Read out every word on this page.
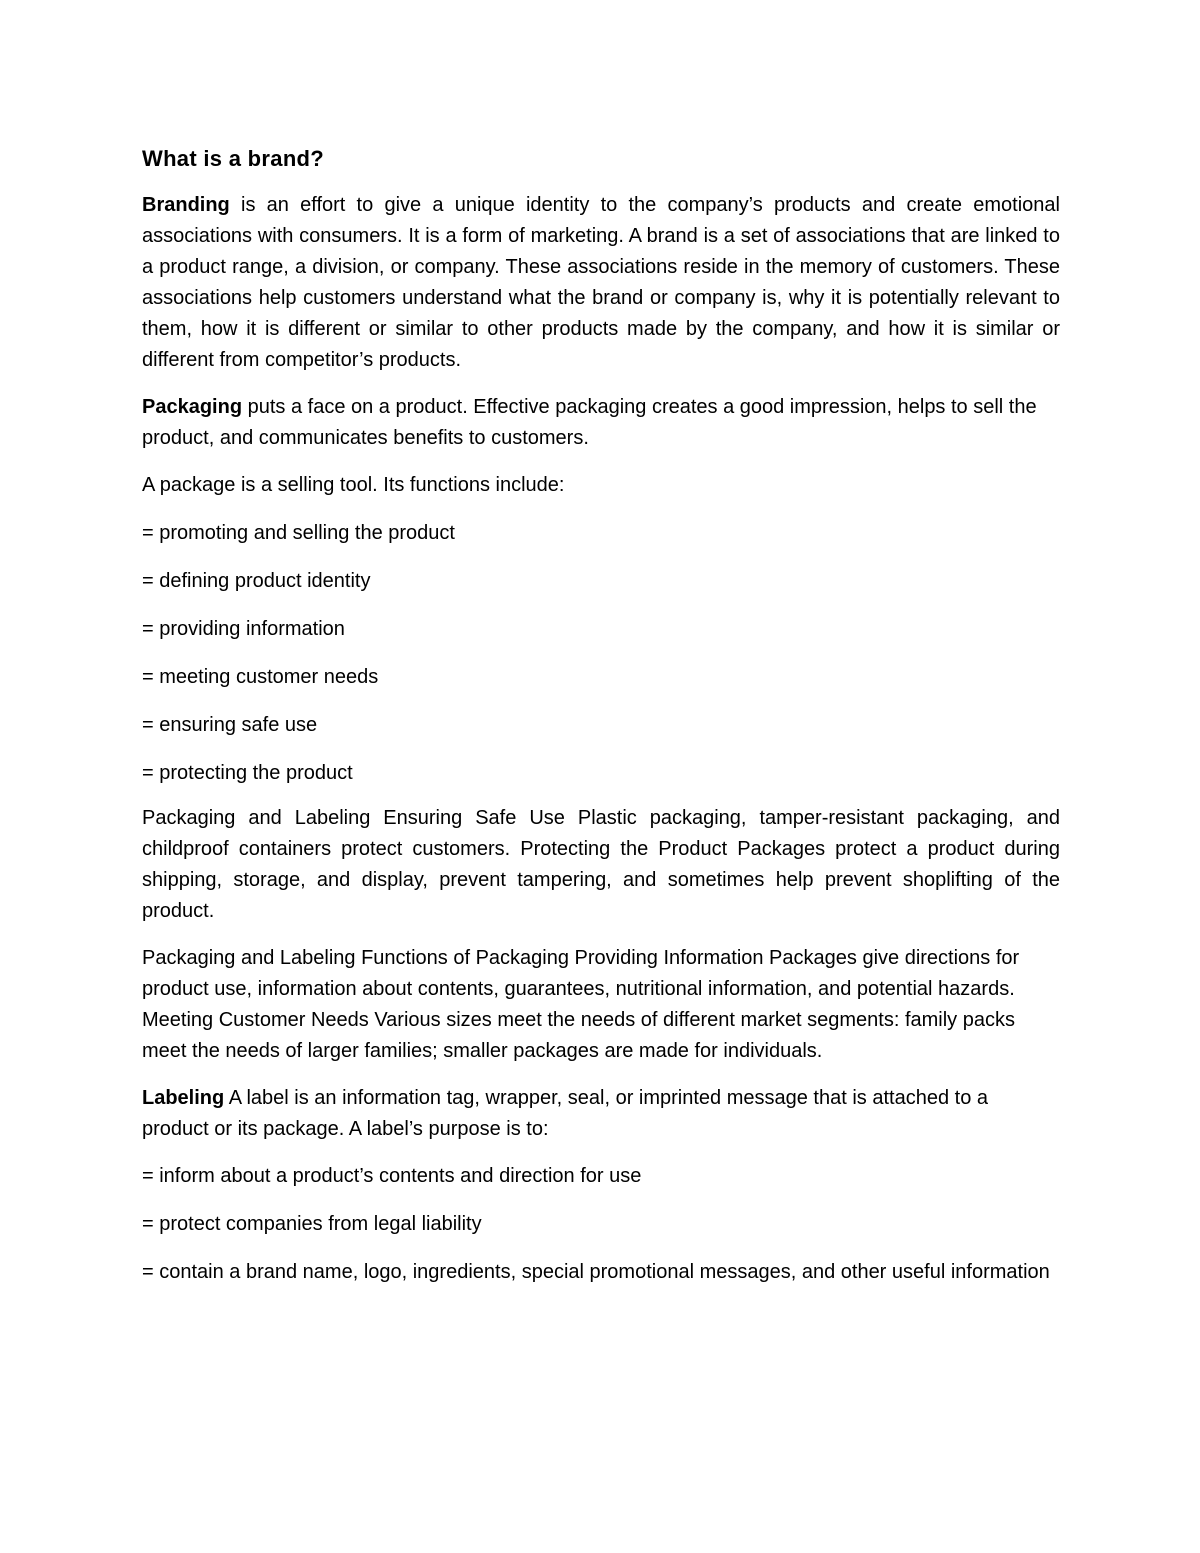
What is a brand?

Branding is an effort to give a unique identity to the company’s products and create emotional associations with consumers. It is a form of marketing. A brand is a set of associations that are linked to a product range, a division, or company. These associations reside in the memory of customers. These associations help customers understand what the brand or company is, why it is potentially relevant to them, how it is different or similar to other products made by the company, and how it is similar or different from competitor’s products.

Packaging puts a face on a product. Effective packaging creates a good impression, helps to sell the product, and communicates benefits to customers.

A package is a selling tool. Its functions include:

= promoting and selling the product

= defining product identity

= providing information

= meeting customer needs

= ensuring safe use

= protecting the product

Packaging and Labeling Ensuring Safe Use Plastic packaging, tamper-resistant packaging, and childproof containers protect customers. Protecting the Product Packages protect a product during shipping, storage, and display, prevent tampering, and sometimes help prevent shoplifting of the product.

Packaging and Labeling Functions of Packaging Providing Information Packages give directions for product use, information about contents, guarantees, nutritional information, and potential hazards. Meeting Customer Needs Various sizes meet the needs of different market segments: family packs meet the needs of larger families; smaller packages are made for individuals.

Labeling A label is an information tag, wrapper, seal, or imprinted message that is attached to a product or its package. A label’s purpose is to:

= inform about a product’s contents and direction for use

= protect companies from legal liability

= contain a brand name, logo, ingredients, special promotional messages, and other useful information
